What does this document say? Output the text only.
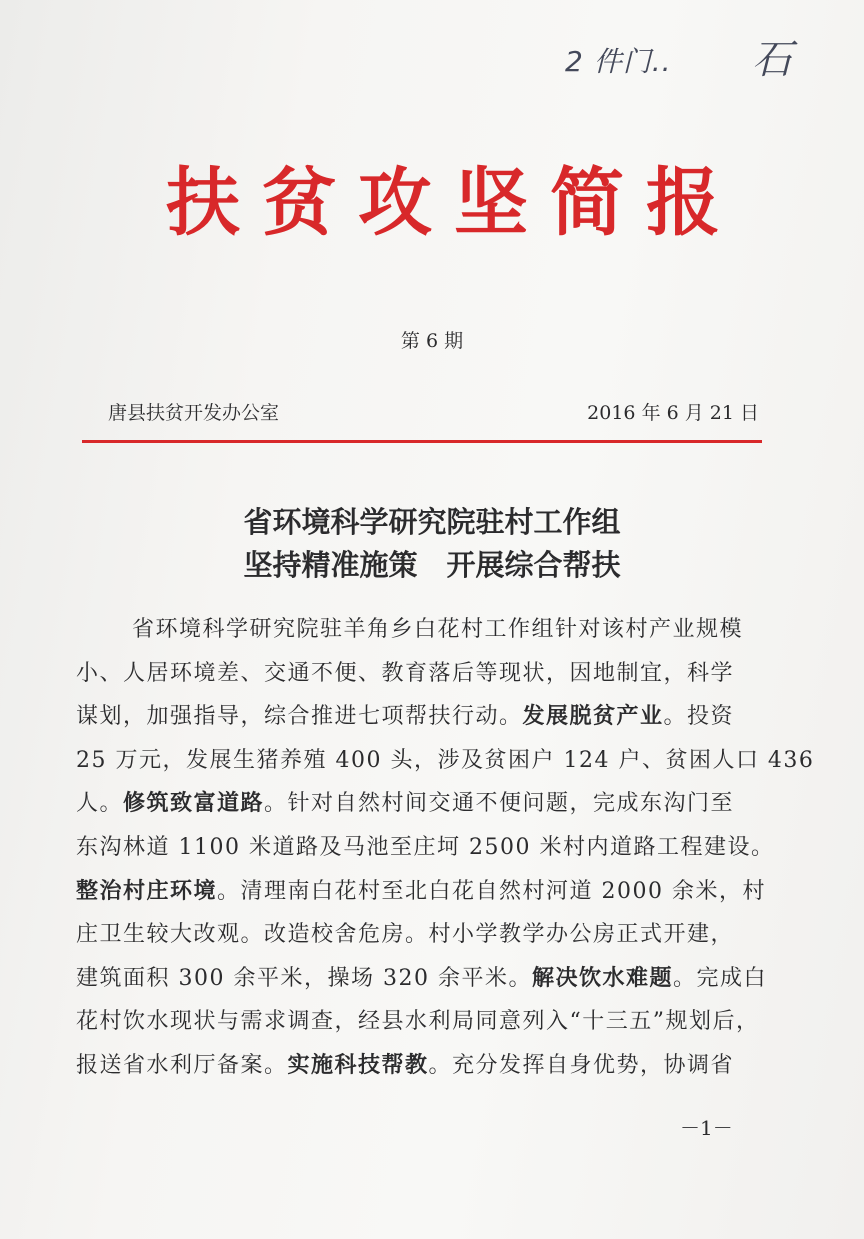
2 件门.. 石
扶贫攻坚简报
第 6 期
唐县扶贫开发办公室	2016 年 6 月 21 日
省环境科学研究院驻村工作组
坚持精准施策　开展综合帮扶
省环境科学研究院驻羊角乡白花村工作组针对该村产业规模
小、人居环境差、交通不便、教育落后等现状，因地制宜，科学
谋划，加强指导，综合推进七项帮扶行动。发展脱贫产业。投资
25 万元，发展生猪养殖 400 头，涉及贫困户 124 户、贫困人口 436
人。修筑致富道路。针对自然村间交通不便问题，完成东沟门至
东沟林道 1100 米道路及马池至庄坷 2500 米村内道路工程建设。
整治村庄环境。清理南白花村至北白花自然村河道 2000 余米，村
庄卫生较大改观。改造校舍危房。村小学教学办公房正式开建，
建筑面积 300 余平米，操场 320 余平米。解决饮水难题。完成白
花村饮水现状与需求调查，经县水利局同意列入“十三五”规划后，
报送省水利厅备案。实施科技帮教。充分发挥自身优势，协调省
－1－
